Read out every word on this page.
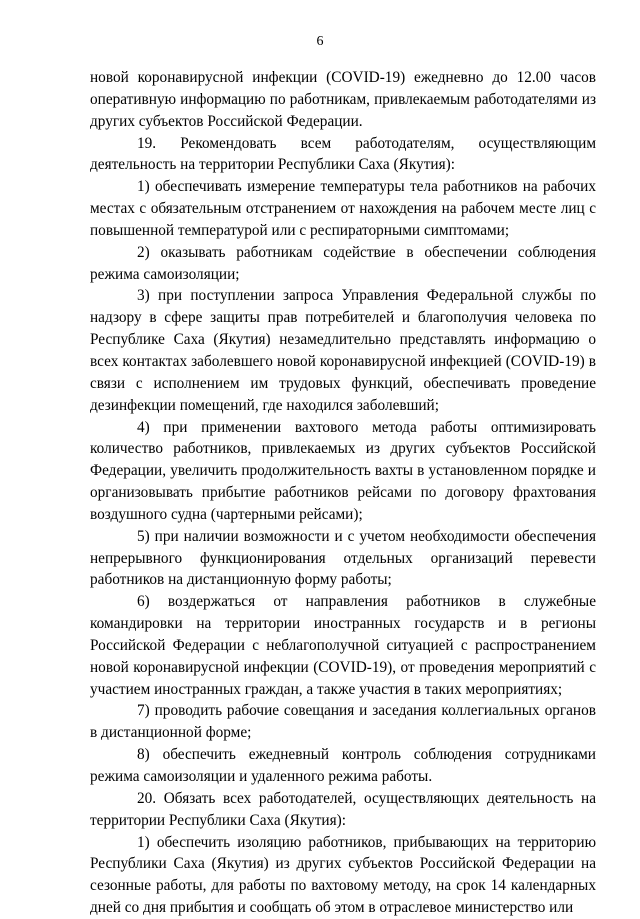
6

новой коронавирусной инфекции (COVID-19) ежедневно до 12.00 часов оперативную информацию по работникам, привлекаемым работодателями из других субъектов Российской Федерации.

19. Рекомендовать всем работодателям, осуществляющим деятельность на территории Республики Саха (Якутия):

1) обеспечивать измерение температуры тела работников на рабочих местах с обязательным отстранением от нахождения на рабочем месте лиц с повышенной температурой или с респираторными симптомами;

2) оказывать работникам содействие в обеспечении соблюдения режима самоизоляции;

3) при поступлении запроса Управления Федеральной службы по надзору в сфере защиты прав потребителей и благополучия человека по Республике Саха (Якутия) незамедлительно представлять информацию о всех контактах заболевшего новой коронавирусной инфекцией (COVID-19) в связи с исполнением им трудовых функций, обеспечивать проведение дезинфекции помещений, где находился заболевший;

4) при применении вахтового метода работы оптимизировать количество работников, привлекаемых из других субъектов Российской Федерации, увеличить продолжительность вахты в установленном порядке и организовывать прибытие работников рейсами по договору фрахтования воздушного судна (чартерными рейсами);

5) при наличии возможности и с учетом необходимости обеспечения непрерывного функционирования отдельных организаций перевести работников на дистанционную форму работы;

6) воздержаться от направления работников в служебные командировки на территории иностранных государств и в регионы Российской Федерации с неблагополучной ситуацией с распространением новой коронавирусной инфекции (COVID-19), от проведения мероприятий с участием иностранных граждан, а также участия в таких мероприятиях;

7) проводить рабочие совещания и заседания коллегиальных органов в дистанционной форме;

8) обеспечить ежедневный контроль соблюдения сотрудниками режима самоизоляции и удаленного режима работы.

20. Обязать всех работодателей, осуществляющих деятельность на территории Республики Саха (Якутия):

1) обеспечить изоляцию работников, прибывающих на территорию Республики Саха (Якутия) из других субъектов Российской Федерации на сезонные работы, для работы по вахтовому методу, на срок 14 календарных дней со дня прибытия и сообщать об этом в отраслевое министерство или
